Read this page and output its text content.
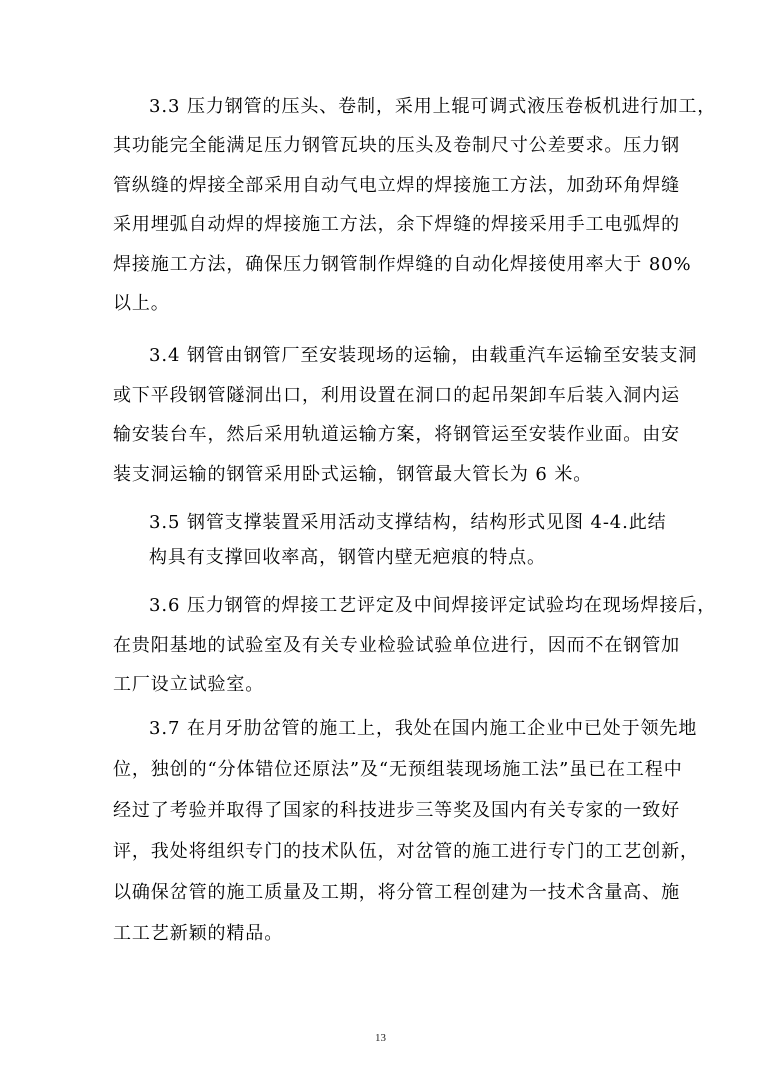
3.3 压力钢管的压头、卷制，采用上辊可调式液压卷板机进行加工，
其功能完全能满足压力钢管瓦块的压头及卷制尺寸公差要求。压力钢
管纵缝的焊接全部采用自动气电立焊的焊接施工方法，加劲环角焊缝
采用埋弧自动焊的焊接施工方法，余下焊缝的焊接采用手工电弧焊的
焊接施工方法，确保压力钢管制作焊缝的自动化焊接使用率大于 80%
以上。
3.4 钢管由钢管厂至安装现场的运输，由载重汽车运输至安装支洞
或下平段钢管隧洞出口，利用设置在洞口的起吊架卸车后装入洞内运
输安装台车，然后采用轨道运输方案，将钢管运至安装作业面。由安
装支洞运输的钢管采用卧式运输，钢管最大管长为 6 米。
3.5 钢管支撑装置采用活动支撑结构，结构形式见图 4-4.此结
构具有支撑回收率高，钢管内壁无疤痕的特点。
3.6 压力钢管的焊接工艺评定及中间焊接评定试验均在现场焊接后，
在贵阳基地的试验室及有关专业检验试验单位进行，因而不在钢管加
工厂设立试验室。
3.7 在月牙肋岔管的施工上，我处在国内施工企业中已处于领先地
位，独创的“分体错位还原法”及“无预组装现场施工法”虽已在工程中
经过了考验并取得了国家的科技进步三等奖及国内有关专家的一致好
评，我处将组织专门的技术队伍，对岔管的施工进行专门的工艺创新，
以确保岔管的施工质量及工期，将分管工程创建为一技术含量高、施
工工艺新颖的精品。
13
